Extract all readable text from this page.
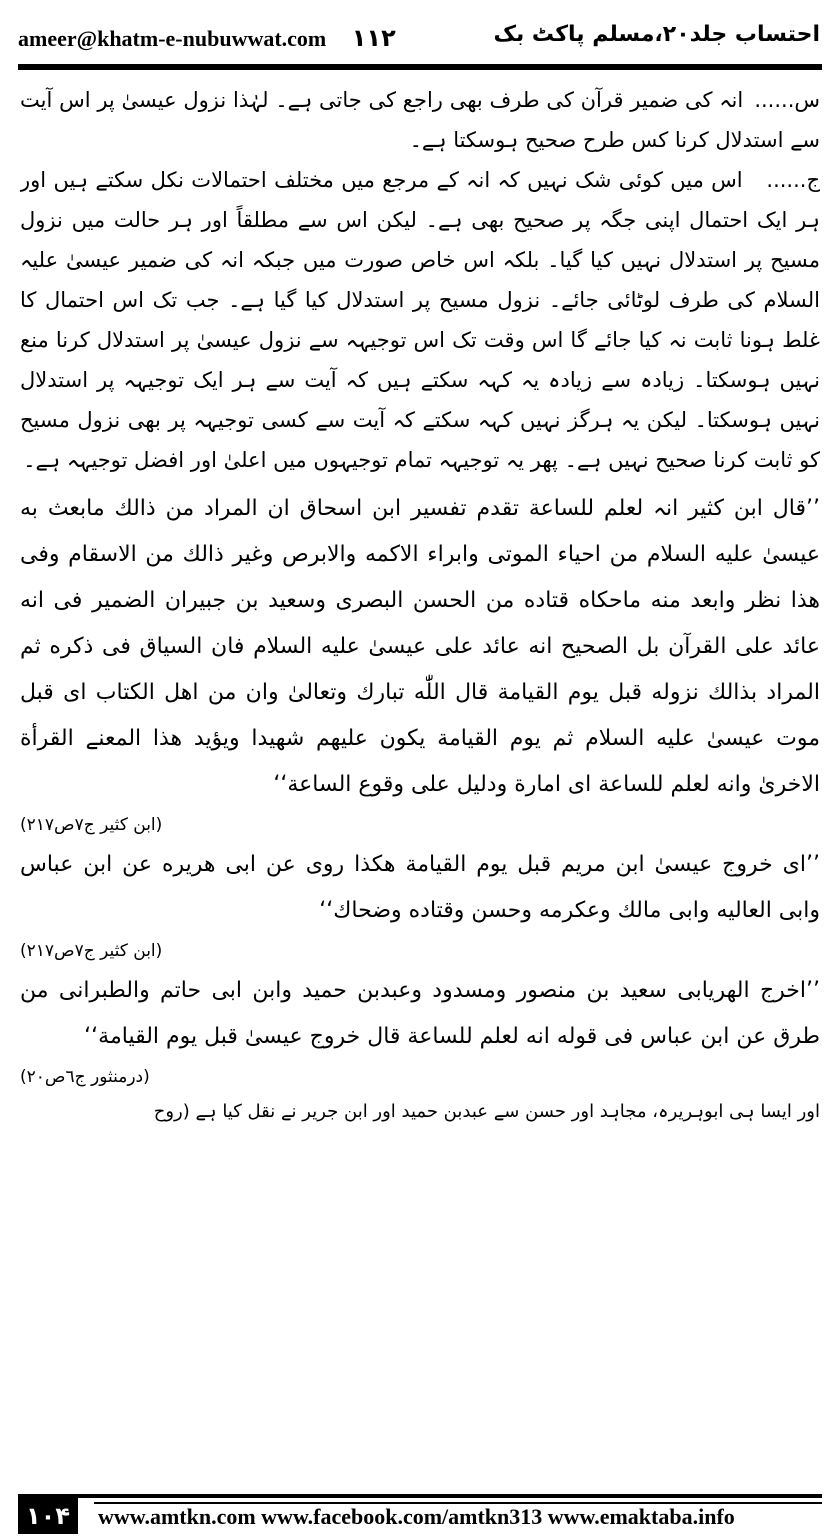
ameer@khatm-e-nubuwwat.com ۱۱۲	احتساب جلد۲۰،مسلم پاکٹ بک

س...... انہ کی ضمیر قرآن کی طرف بھی راجع کی جاتی ہے۔ لہٰذا نزول عیسیٰ پر اس آیت سے استدلال کرنا کس طرح صحیح ہوسکتا ہے۔

ج...... اس میں کوئی شک نہیں کہ انہ کے مرجع میں مختلف احتمالات نکل سکتے ہیں اور ہر ایک احتمال اپنی جگہ پر صحیح بھی ہے۔ لیکن اس سے مطلقاً اور ہر حالت میں نزول مسیح پر استدلال نہیں کیا گیا۔ بلکہ اس خاص صورت میں جبکہ انہ کی ضمیر عیسیٰ علیہ السلام کی طرف لوٹائی جائے۔ نزول مسیح پر استدلال کیا گیا ہے۔ جب تک اس احتمال کا غلط ہونا ثابت نہ کیا جائے گا اس وقت تک اس توجیہہ سے نزول عیسیٰ پر استدلال کرنا منع نہیں ہوسکتا۔ زیادہ سے زیادہ یہ کہہ سکتے ہیں کہ آیت سے ہر ایک توجیہہ پر استدلال نہیں ہوسکتا۔ لیکن یہ ہرگز نہیں کہہ سکتے کہ آیت سے کسی توجیہہ پر بھی نزول مسیح کو ثابت کرنا صحیح نہیں ہے۔ پھر یہ توجیہہ تمام توجیہوں میں اعلیٰ اور افضل توجیہہ ہے۔

’’قال ابن کثیر انہ لعلم للساعة تقدم تفسیر ابن اسحاق ان المراد من ذالك مابعث به عیسیٰ علیه السلام من احیاء الموتی وابراء الاکمه والابرص وغیر ذالك من الاسقام وفی هذا نظر وابعد منه ماحکاه قتاده من الحسن البصری وسعید بن جبیران الضمیر فی انه عائد علی القرآن بل الصحیح انه عائد علی عیسیٰ علیه السلام فان السیاق فی ذکره ثم المراد بذالك نزوله قبل یوم القیامة قال اللّٰه تبارك وتعالیٰ وان من اهل الکتاب ای قبل موت عیسیٰ علیه السلام ثم یوم القیامة یکون علیهم شهیدا ویؤید هذا المعنے القرأة الاخریٰ وانه لعلم للساعة ای امارة ودلیل علی وقوع الساعة‘‘

(ابن کثیر ج۷ص۲۱۷)

’’ای خروج عیسیٰ ابن مریم قبل یوم القیامة هکذا روی عن ابی هریره عن ابن عباس وابی العالیه وابی مالك وعکرمه وحسن وقتاده وضحاك‘‘

(ابن کثیر ج۷ص۲۱۷)

’’اخرج الهریابی سعید بن منصور ومسدود وعبدبن حمید وابن ابی حاتم والطبرانی من طرق عن ابن عباس فی قوله انه لعلم للساعة قال خروج عیسیٰ قبل یوم القیامة‘‘

(درمنثور ج٦ص۲۰)

اور ایسا ہی ابوہریرہ، مجاہد اور حسن سے عبدبن حمید اور ابن جریر نے نقل کیا ہے (روح

۱۰۴	www.amtkn.com www.facebook.com/amtkn313 www.emaktaba.info
